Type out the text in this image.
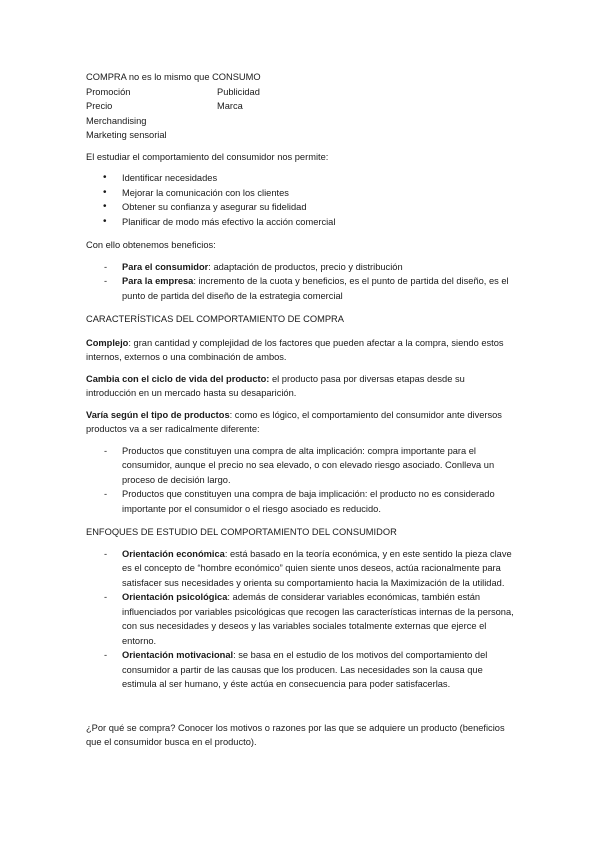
COMPRA no es lo mismo que CONSUMO

Promoción	Publicidad
Precio	Marca

Merchandising

Marketing sensorial

El estudiar el comportamiento del consumidor nos permite:

• Identificar necesidades
• Mejorar la comunicación con los clientes
• Obtener su confianza y asegurar su fidelidad
• Planificar de modo más efectivo la acción comercial

Con ello obtenemos beneficios:

- Para el consumidor: adaptación de productos, precio y distribución
- Para la empresa: incremento de la cuota y beneficios, es el punto de partida del diseño, es el punto de partida del diseño de la estrategia comercial

CARACTERÍSTICAS DEL COMPORTAMIENTO DE COMPRA

Complejo: gran cantidad y complejidad de los factores que pueden afectar a la compra, siendo estos internos, externos o una combinación de ambos.

Cambia con el ciclo de vida del producto: el producto pasa por diversas etapas desde su introducción en un mercado hasta su desaparición.

Varía según el tipo de productos: como es lógico, el comportamiento del consumidor ante diversos productos va a ser radicalmente diferente:

- Productos que constituyen una compra de alta implicación: compra importante para el consumidor, aunque el precio no sea elevado, o con elevado riesgo asociado. Conlleva un proceso de decisión largo.
- Productos que constituyen una compra de baja implicación: el producto no es considerado importante por el consumidor o el riesgo asociado es reducido.

ENFOQUES DE ESTUDIO DEL COMPORTAMIENTO DEL CONSUMIDOR

- Orientación económica: está basado en la teoría económica, y en este sentido la pieza clave es el concepto de “hombre económico” quien siente unos deseos, actúa racionalmente para satisfacer sus necesidades y orienta su comportamiento hacia la Maximización de la utilidad.
- Orientación psicológica: además de considerar variables económicas, también están influenciados por variables psicológicas que recogen las características internas de la persona, con sus necesidades y deseos y las variables sociales totalmente externas que ejerce el entorno.
- Orientación motivacional: se basa en el estudio de los motivos del comportamiento del consumidor a partir de las causas que los producen. Las necesidades son la causa que estimula al ser humano, y éste actúa en consecuencia para poder satisfacerlas.

¿Por qué se compra? Conocer los motivos o razones por las que se adquiere un producto (beneficios que el consumidor busca en el producto).
